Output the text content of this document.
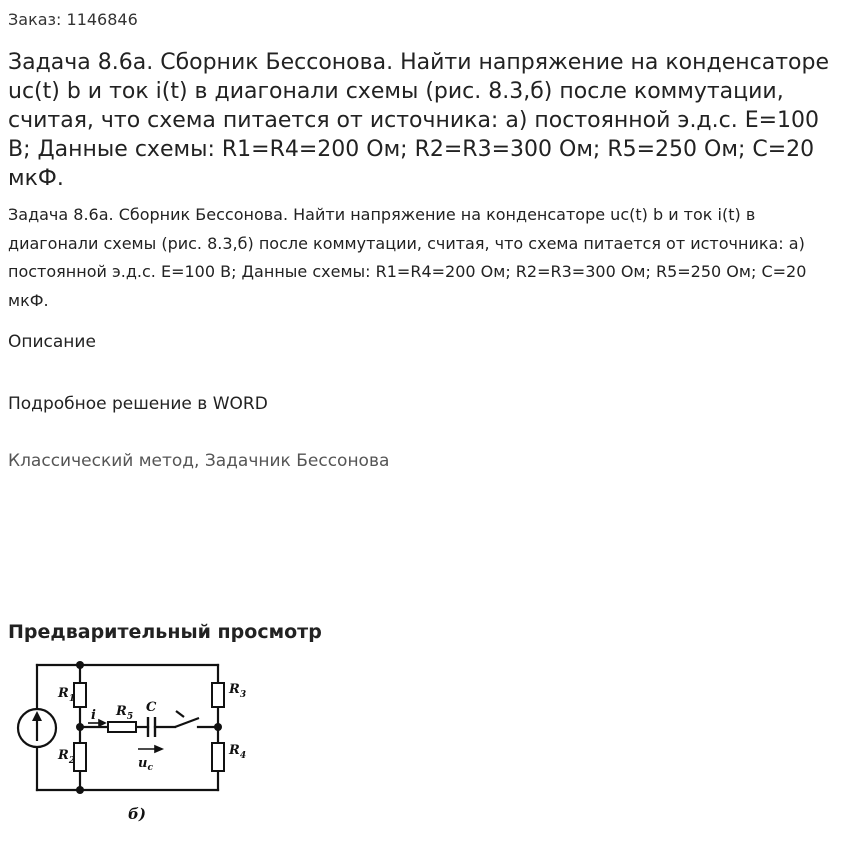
Заказ: 1146846
Задача 8.6а. Сборник Бессонова. Найти напряжение на конденсаторе uc(t) b и ток i(t) в диагонали схемы (рис. 8.3,б) после коммутации, считая, что схема питается от источника: а) постоянной э.д.с. E=100 В; Данные схемы: R1=R4=200 Ом; R2=R3=300 Ом; R5=250 Ом; C=20 мкФ.

Задача 8.6а. Сборник Бессонова. Найти напряжение на конденсаторе uc(t) b и ток i(t) в диагонали схемы (рис. 8.3,б) после коммутации, считая, что схема питается от источника: а) постоянной э.д.с. E=100 В; Данные схемы: R1=R4=200 Ом; R2=R3=300 Ом; R5=250 Ом; C=20 мкФ.

Описание
Подробное решение в WORD
Классический метод, Задачник Бессонова
Предварительный просмотр
$R_1$
$R_2$
$R_3$
$R_4$
$R_5$
C
i
$u_c$
б)
